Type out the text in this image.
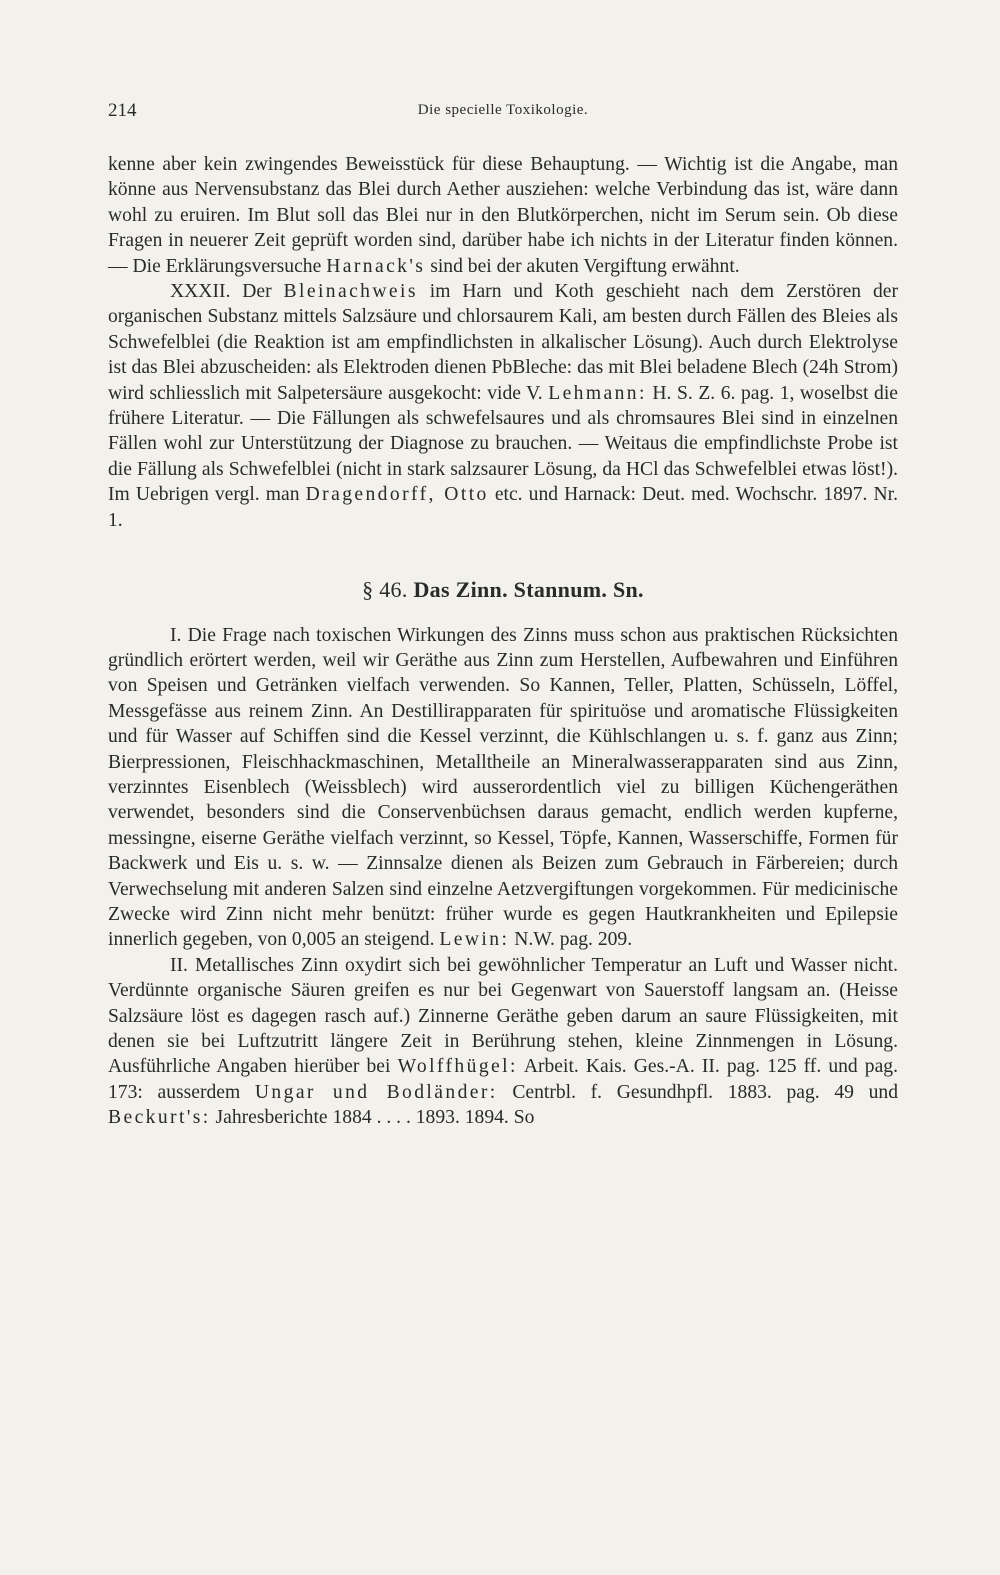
214	Die specielle Toxikologie.

kenne aber kein zwingendes Beweisstück für diese Behauptung. — Wichtig ist die Angabe, man könne aus Nervensubstanz das Blei durch Aether ausziehen: welche Verbindung das ist, wäre dann wohl zu eruiren. Im Blut soll das Blei nur in den Blutkörperchen, nicht im Serum sein. Ob diese Fragen in neuerer Zeit geprüft worden sind, darüber habe ich nichts in der Literatur finden können. — Die Erklärungsversuche Harnack's sind bei der akuten Vergiftung erwähnt.

XXXII. Der Bleinachweis im Harn und Koth geschieht nach dem Zerstören der organischen Substanz mittels Salzsäure und chlorsaurem Kali, am besten durch Fällen des Bleies als Schwefelblei (die Reaktion ist am empfindlichsten in alkalischer Lösung). Auch durch Elektrolyse ist das Blei abzuscheiden: als Elektroden dienen PbBleche: das mit Blei beladene Blech (24h Strom) wird schliesslich mit Salpetersäure ausgekocht: vide V. Lehmann: H. S. Z. 6. pag. 1, woselbst die frühere Literatur. — Die Fällungen als schwefelsaures und als chromsaures Blei sind in einzelnen Fällen wohl zur Unterstützung der Diagnose zu brauchen. — Weitaus die empfindlichste Probe ist die Fällung als Schwefelblei (nicht in stark salzsaurer Lösung, da HCl das Schwefelblei etwas löst!). Im Uebrigen vergl. man Dragendorff, Otto etc. und Harnack: Deut. med. Wochschr. 1897. Nr. 1.

§ 46. Das Zinn. Stannum. Sn.

I. Die Frage nach toxischen Wirkungen des Zinns muss schon aus praktischen Rücksichten gründlich erörtert werden, weil wir Geräthe aus Zinn zum Herstellen, Aufbewahren und Einführen von Speisen und Getränken vielfach verwenden. So Kannen, Teller, Platten, Schüsseln, Löffel, Messgefässe aus reinem Zinn. An Destillirapparaten für spirituöse und aromatische Flüssigkeiten und für Wasser auf Schiffen sind die Kessel verzinnt, die Kühlschlangen u. s. f. ganz aus Zinn; Bierpressionen, Fleischhackmaschinen, Metalltheile an Mineralwasserapparaten sind aus Zinn, verzinntes Eisenblech (Weissblech) wird ausserordentlich viel zu billigen Küchengeräthen verwendet, besonders sind die Conservenbüchsen daraus gemacht, endlich werden kupferne, messingne, eiserne Geräthe vielfach verzinnt, so Kessel, Töpfe, Kannen, Wasserschiffe, Formen für Backwerk und Eis u. s. w. — Zinnsalze dienen als Beizen zum Gebrauch in Färbereien; durch Verwechselung mit anderen Salzen sind einzelne Aetzvergiftungen vorgekommen. Für medicinische Zwecke wird Zinn nicht mehr benützt: früher wurde es gegen Hautkrankheiten und Epilepsie innerlich gegeben, von 0,005 an steigend. Lewin: N.W. pag. 209.

II. Metallisches Zinn oxydirt sich bei gewöhnlicher Temperatur an Luft und Wasser nicht. Verdünnte organische Säuren greifen es nur bei Gegenwart von Sauerstoff langsam an. (Heisse Salzsäure löst es dagegen rasch auf.) Zinnerne Geräthe geben darum an saure Flüssigkeiten, mit denen sie bei Luftzutritt längere Zeit in Berührung stehen, kleine Zinnmengen in Lösung. Ausführliche Angaben hierüber bei Wolffhügel: Arbeit. Kais. Ges.-A. II. pag. 125 ff. und pag. 173: ausserdem Ungar und Bodländer: Centrbl. f. Gesundhpfl. 1883. pag. 49 und Beckurt's: Jahresberichte 1884 . . . . 1893. 1894. So
